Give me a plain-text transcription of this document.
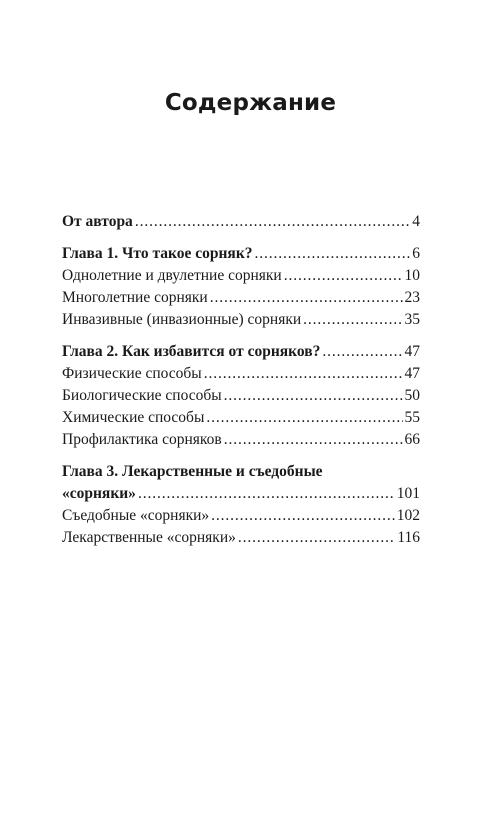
Содержание
От автора . . .	4
Глава 1. Что такое сорняк? . . .	6
Однолетние и двулетние сорняки . . .	10
Многолетние сорняки . . .	23
Инвазивные (инвазионные) сорняки . . .	35
Глава 2. Как избавится от сорняков? . . .	47
Физические способы . . .	47
Биологические способы . . .	50
Химические способы . . .	55
Профилактика сорняков . . .	66
Глава 3. Лекарственные и съедобные
«сорняки» . . .	101
Съедобные «сорняки» . . .	102
Лекарственные «сорняки» . . .	116
